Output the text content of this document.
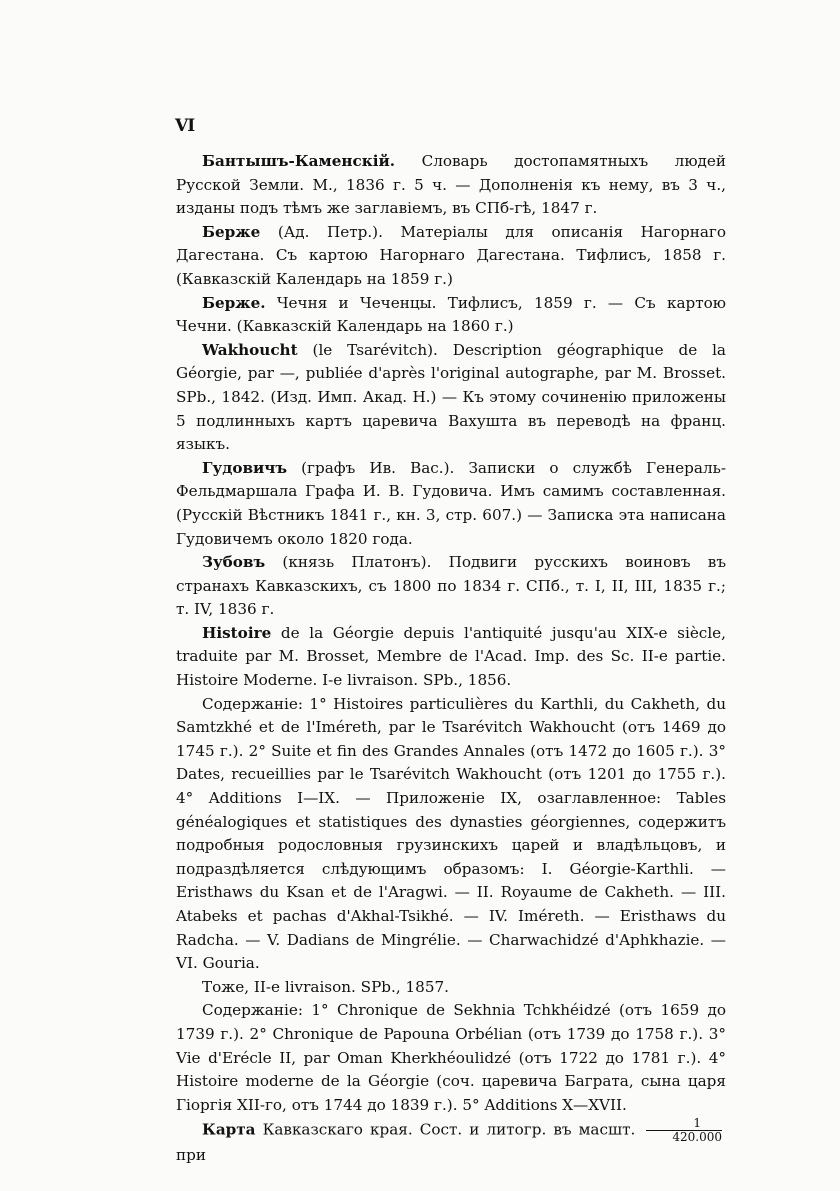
VI

Бантышъ-Каменскій. Словарь достопамятныхъ людей Русской Земли. М., 1836 г. 5 ч. — Дополненія къ нему, въ 3 ч., изданы подъ тѣмъ же заглавіемъ, въ СПб-гѣ, 1847 г.

Берже (Ад. Петр.). Матеріалы для описанія Нагорнаго Дагестана. Съ картою Нагорнаго Дагестана. Тифлисъ, 1858 г. (Кавказскій Календарь на 1859 г.)

Берже. Чечня и Чеченцы. Тифлисъ, 1859 г. — Съ картою Чечни. (Кавказскій Календарь на 1860 г.)

Wakhoucht (le Tsarévitch). Description géographique de la Géorgie, par —, publiée d'après l'original autographe, par M. Brosset. SPb., 1842. (Изд. Имп. Акад. Н.) — Къ этому сочиненію приложены 5 подлинныхъ картъ царевича Вахушта въ переводѣ на франц. языкъ.

Гудовичъ (графъ Ив. Вас.). Записки о службѣ Генераль-Фельдмаршала Графа И. В. Гудовича. Имъ самимъ составленная. (Русскій Вѣстникъ 1841 г., кн. 3, стр. 607.) — Записка эта написана Гудовичемъ около 1820 года.

Зубовъ (князь Платонъ). Подвиги русскихъ воиновъ въ странахъ Кавказскихъ, съ 1800 по 1834 г. СПб., т. I, II, III, 1835 г.; т. IV, 1836 г.

Histoire de la Géorgie depuis l'antiquité jusqu'au XIX-e siècle, traduite par M. Brosset, Membre de l'Acad. Imp. des Sc. II-e partie. Histoire Moderne. I-e livraison. SPb., 1856.

Содержаніе: 1° Histoires particulières du Karthli, du Cakheth, du Samtzkhé et de l'Iméreth, par le Tsarévitch Wakhoucht (отъ 1469 до 1745 г.). 2° Suite et fin des Grandes Annales (отъ 1472 до 1605 г.). 3° Dates, recueillies par le Tsarévitch Wakhoucht (отъ 1201 до 1755 г.). 4° Additions I—IX. — Приложеніе IX, озаглавленное: Tables généalogiques et statistiques des dynasties géorgiennes, содержитъ подробныя родословныя грузинскихъ царей и владѣльцовъ, и подраздѣляется слѣдующимъ образомъ: I. Géorgie-Karthli. — Eristhaws du Ksan et de l'Aragwi. — II. Royaume de Cakheth. — III. Atabeks et pachas d'Akhal-Tsikhé. — IV. Iméreth. — Eristhaws du Radcha. — V. Dadians de Mingrélie. — Charwachidzé d'Aphkhazie. — VI. Gouria.

Тоже, II-e livraison. SPb., 1857.

Содержаніе: 1° Chronique de Sekhnia Tchkhéidzé (отъ 1659 до 1739 г.). 2° Chronique de Papouna Orbélian (отъ 1739 до 1758 г.). 3° Vie d'Erécle II, par Oman Kherkhéoulidzé (отъ 1722 до 1781 г.). 4° Histoire moderne de la Géorgie (соч. царевича Баграта, сына царя Гіоргія XII-го, отъ 1744 до 1839 г.). 5° Additions X—XVII.

Карта Кавказскаго края. Сост. и литогр. въ масшт. $\frac{1}{420.000}$
при
